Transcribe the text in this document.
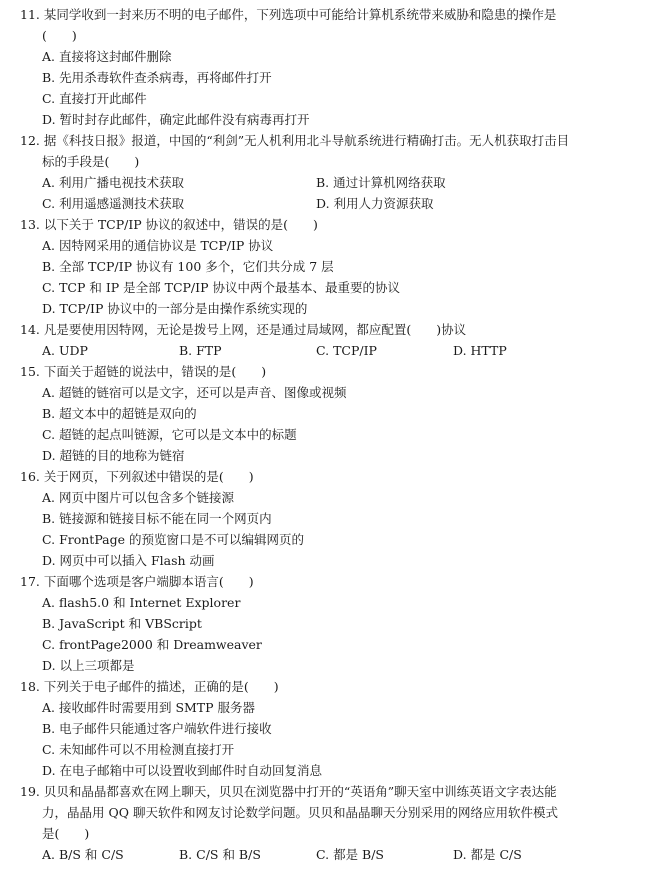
11. 某同学收到一封来历不明的电子邮件，下列选项中可能给计算机系统带来威胁和隐患的操作是
(　　)
A. 直接将这封邮件删除
B. 先用杀毒软件查杀病毒，再将邮件打开
C. 直接打开此邮件
D. 暂时封存此邮件，确定此邮件没有病毒再打开
12. 据《科技日报》报道，中国的“利剑”无人机利用北斗导航系统进行精确打击。无人机获取打击目
标的手段是(　　)
A. 利用广播电视技术获取	B. 通过计算机网络获取
C. 利用遥感遥测技术获取	D. 利用人力资源获取
13. 以下关于 TCP/IP 协议的叙述中，错误的是(　　)
A. 因特网采用的通信协议是 TCP/IP 协议
B. 全部 TCP/IP 协议有 100 多个，它们共分成 7 层
C. TCP 和 IP 是全部 TCP/IP 协议中两个最基本、最重要的协议
D. TCP/IP 协议中的一部分是由操作系统实现的
14. 凡是要使用因特网，无论是拨号上网，还是通过局域网，都应配置(　　)协议
A. UDP	B. FTP	C. TCP/IP	D. HTTP
15. 下面关于超链的说法中，错误的是(　　)
A. 超链的链宿可以是文字，还可以是声音、图像或视频
B. 超文本中的超链是双向的
C. 超链的起点叫链源，它可以是文本中的标题
D. 超链的目的地称为链宿
16. 关于网页，下列叙述中错误的是(　　)
A. 网页中图片可以包含多个链接源
B. 链接源和链接目标不能在同一个网页内
C. FrontPage 的预览窗口是不可以编辑网页的
D. 网页中可以插入 Flash 动画
17. 下面哪个选项是客户端脚本语言(　　)
A. flash5.0 和 Internet Explorer
B. JavaScript 和 VBScript
C. frontPage2000 和 Dreamweaver
D. 以上三项都是
18. 下列关于电子邮件的描述，正确的是(　　)
A. 接收邮件时需要用到 SMTP 服务器
B. 电子邮件只能通过客户端软件进行接收
C. 未知邮件可以不用检测直接打开
D. 在电子邮箱中可以设置收到邮件时自动回复消息
19. 贝贝和晶晶都喜欢在网上聊天，贝贝在浏览器中打开的“英语角”聊天室中训练英语文字表达能
力，晶晶用 QQ 聊天软件和网友讨论数学问题。贝贝和晶晶聊天分别采用的网络应用软件模式
是(　　)
A. B/S 和 C/S	B. C/S 和 B/S	C. 都是 B/S	D. 都是 C/S
